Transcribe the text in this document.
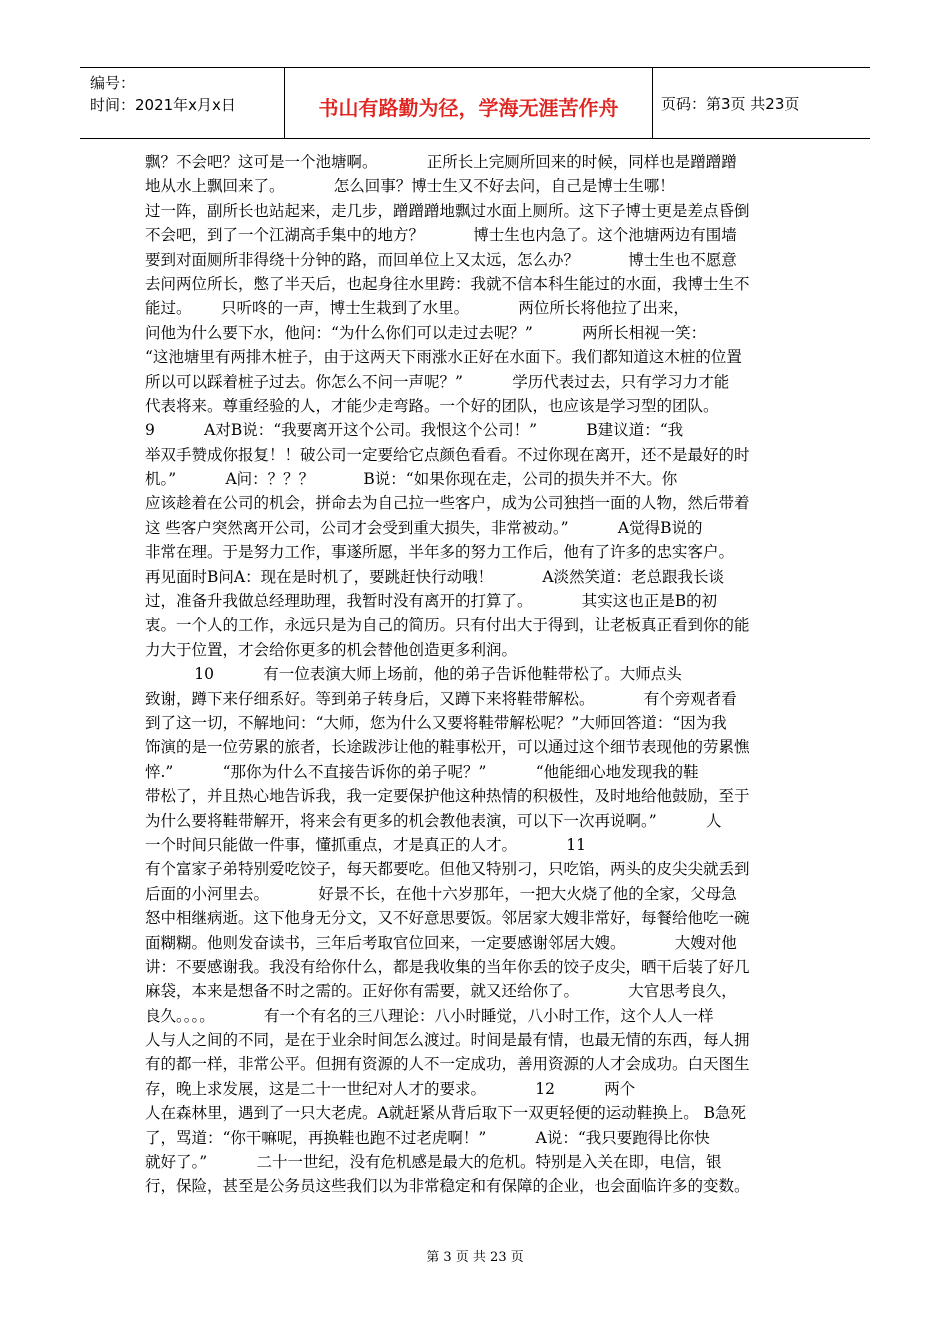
编号：
时间：2021年x月x日	书山有路勤为径，学海无涯苦作舟	页码：第3页 共23页
飘？不会吧？这可是一个池塘啊。          正所长上完厕所回来的时候，同样也是蹭蹭蹭
地从水上飘回来了。          怎么回事？博士生又不好去问，自己是博士生哪！
过一阵，副所长也站起来，走几步，蹭蹭蹭地飘过水面上厕所。这下子博士更是差点昏倒
不会吧，到了一个江湖高手集中的地方？          博士生也内急了。这个池塘两边有围墙
要到对面厕所非得绕十分钟的路，而回单位上又太远，怎么办？          博士生也不愿意
去问两位所长，憋了半天后，也起身往水里跨：我就不信本科生能过的水面，我博士生不
能过。      只听咚的一声，博士生栽到了水里。          两位所长将他拉了出来，
问他为什么要下水，他问：“为什么你们可以走过去呢？”          两所长相视一笑：
“这池塘里有两排木桩子，由于这两天下雨涨水正好在水面下。我们都知道这木桩的位置
所以可以踩着桩子过去。你怎么不问一声呢？”          学历代表过去，只有学习力才能
代表将来。尊重经验的人，才能少走弯路。一个好的团队，也应该是学习型的团队。
9          A对B说：“我要离开这个公司。我恨这个公司！”          B建议道：“我
举双手赞成你报复！！破公司一定要给它点颜色看看。不过你现在离开，还不是最好的时
机。”          A问：？？？          B说：“如果你现在走，公司的损失并不大。你
应该趁着在公司的机会，拼命去为自己拉一些客户，成为公司独挡一面的人物，然后带着
这 些客户突然离开公司，公司才会受到重大损失，非常被动。”          A觉得B说的
非常在理。于是努力工作，事遂所愿，半年多的努力工作后，他有了许多的忠实客户。
再见面时B问A：现在是时机了，要跳赶快行动哦！          A淡然笑道：老总跟我长谈
过，准备升我做总经理助理，我暂时没有离开的打算了。          其实这也正是B的初
衷。一个人的工作，永远只是为自己的简历。只有付出大于得到，让老板真正看到你的能
力大于位置，才会给你更多的机会替他创造更多利润。
10          有一位表演大师上场前，他的弟子告诉他鞋带松了。大师点头
致谢，蹲下来仔细系好。等到弟子转身后，又蹲下来将鞋带解松。          有个旁观者看
到了这一切，不解地问：“大师，您为什么又要将鞋带解松呢？”大师回答道：“因为我
饰演的是一位劳累的旅者，长途跋涉让他的鞋事松开，可以通过这个细节表现他的劳累憔
悴.”          “那你为什么不直接告诉你的弟子呢？”          “他能细心地发现我的鞋
带松了，并且热心地告诉我，我一定要保护他这种热情的积极性，及时地给他鼓励，至于
为什么要将鞋带解开，将来会有更多的机会教他表演，可以下一次再说啊。”          人
一个时间只能做一件事，懂抓重点，才是真正的人才。          11
有个富家子弟特别爱吃饺子，每天都要吃。但他又特别刁，只吃馅，两头的皮尖尖就丢到
后面的小河里去。          好景不长，在他十六岁那年，一把大火烧了他的全家，父母急
怒中相继病逝。这下他身无分文，又不好意思要饭。邻居家大嫂非常好，每餐给他吃一碗
面糊糊。他则发奋读书，三年后考取官位回来，一定要感谢邻居大嫂。          大嫂对他
讲：不要感谢我。我没有给你什么，都是我收集的当年你丢的饺子皮尖，晒干后装了好几
麻袋，本来是想备不时之需的。正好你有需要，就又还给你了。          大官思考良久，
良久。。。。          有一个有名的三八理论：八小时睡觉，八小时工作，这个人人一样
人与人之间的不同，是在于业余时间怎么渡过。时间是最有情，也最无情的东西，每人拥
有的都一样，非常公平。但拥有资源的人不一定成功，善用资源的人才会成功。白天图生
存，晚上求发展，这是二十一世纪对人才的要求。          12          两个
人在森林里，遇到了一只大老虎。A就赶紧从背后取下一双更轻便的运动鞋换上。 B急死
了，骂道：“你干嘛呢，再换鞋也跑不过老虎啊！”          A说：“我只要跑得比你快
就好了。”          二十一世纪，没有危机感是最大的危机。特别是入关在即，电信，银
行，保险，甚至是公务员这些我们以为非常稳定和有保障的企业，也会面临许多的变数。
第 3 页 共 23 页
